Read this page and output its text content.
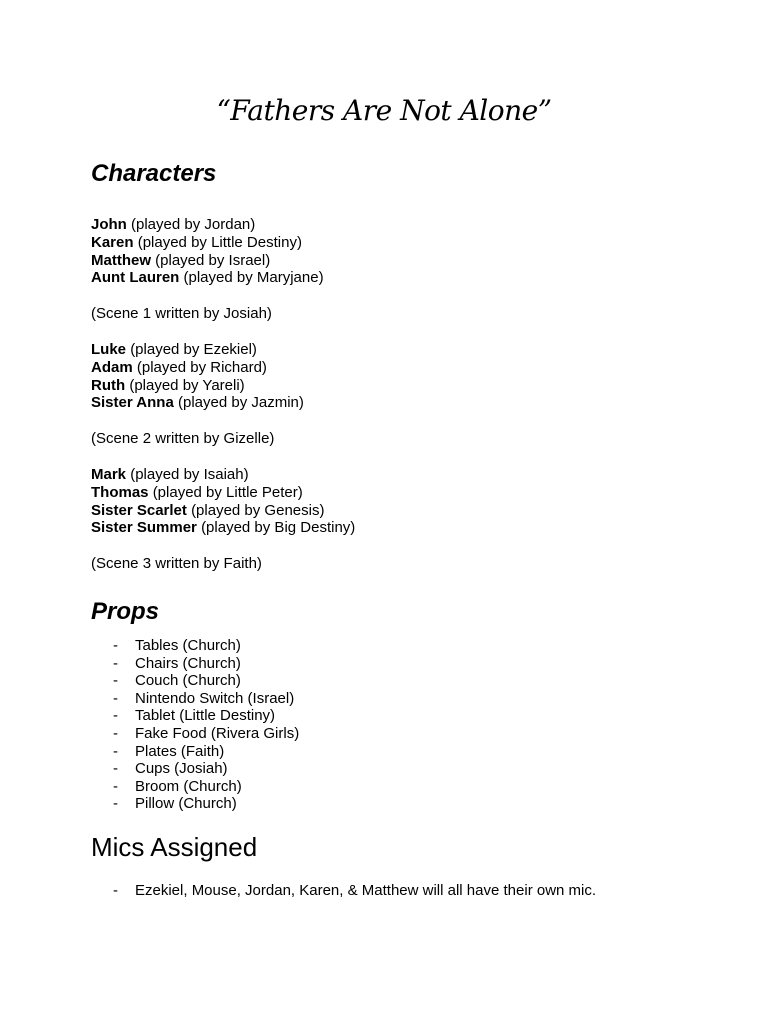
“Fathers Are Not Alone”
Characters
John (played by Jordan)
Karen (played by Little Destiny)
Matthew (played by Israel)
Aunt Lauren (played by Maryjane)
(Scene 1 written by Josiah)
Luke (played by Ezekiel)
Adam (played by Richard)
Ruth (played by Yareli)
Sister Anna (played by Jazmin)
(Scene 2 written by Gizelle)
Mark (played by Isaiah)
Thomas (played by Little Peter)
Sister Scarlet (played by Genesis)
Sister Summer (played by Big Destiny)
(Scene 3 written by Faith)
Props
- Tables (Church)
- Chairs (Church)
- Couch (Church)
- Nintendo Switch (Israel)
- Tablet (Little Destiny)
- Fake Food (Rivera Girls)
- Plates (Faith)
- Cups (Josiah)
- Broom (Church)
- Pillow (Church)
Mics Assigned
- Ezekiel, Mouse, Jordan, Karen, & Matthew will all have their own mic.
